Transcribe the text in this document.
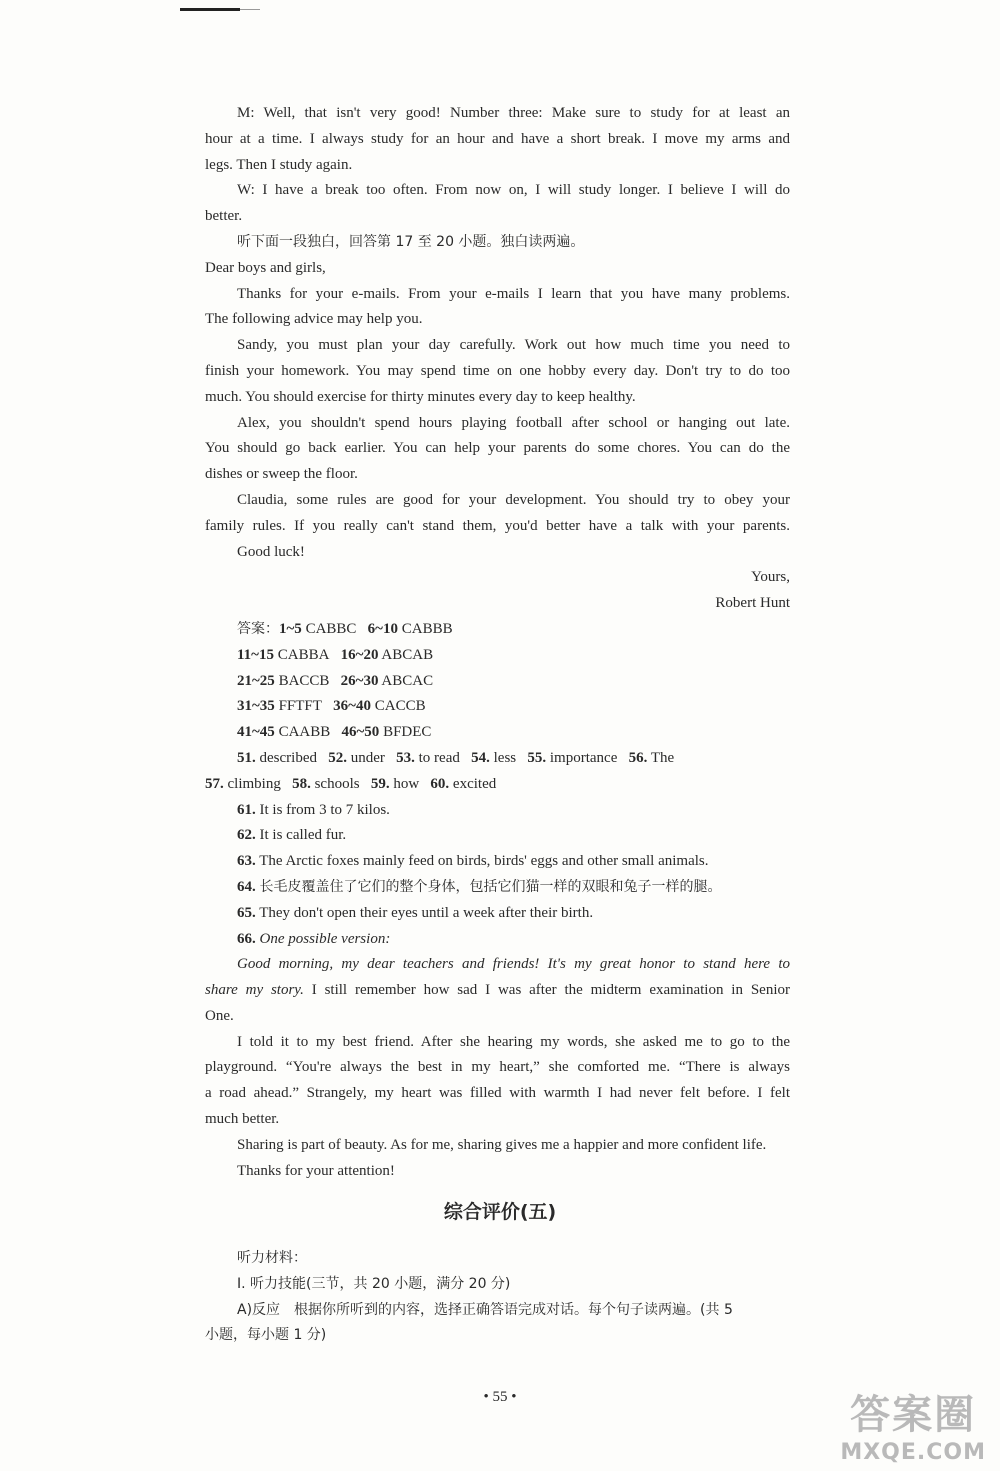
M: Well, that isn't very good! Number three: Make sure to study for at least an
hour at a time. I always study for an hour and have a short break. I move my arms and
legs. Then I study again.
W: I have a break too often. From now on, I will study longer. I believe I will do
better.
听下面一段独白，回答第 17 至 20 小题。独白读两遍。
Dear boys and girls,
Thanks for your e-mails. From your e-mails I learn that you have many problems.
The following advice may help you.
Sandy, you must plan your day carefully. Work out how much time you need to
finish your homework. You may spend time on one hobby every day. Don't try to do too
much. You should exercise for thirty minutes every day to keep healthy.
Alex, you shouldn't spend hours playing football after school or hanging out late.
You should go back earlier. You can help your parents do some chores. You can do the
dishes or sweep the floor.
Claudia, some rules are good for your development. You should try to obey your
family rules. If you really can't stand them, you'd better have a talk with your parents.
Good luck!
Yours,
Robert Hunt
答案：1~5 CABBC 6~10 CABBB
11~15 CABBA 16~20 ABCAB
21~25 BACCB 26~30 ABCAC
31~35 FFTFT 36~40 CACCB
41~45 CAABB 46~50 BFDEC
51. described 52. under 53. to read 54. less 55. importance 56. The
57. climbing 58. schools 59. how 60. excited
61. It is from 3 to 7 kilos.
62. It is called fur.
63. The Arctic foxes mainly feed on birds, birds' eggs and other small animals.
64. 长毛皮覆盖住了它们的整个身体，包括它们猫一样的双眼和兔子一样的腿。
65. They don't open their eyes until a week after their birth.
66. One possible version:
Good morning, my dear teachers and friends! It's my great honor to stand here to
share my story. I still remember how sad I was after the midterm examination in Senior
One.
I told it to my best friend. After she hearing my words, she asked me to go to the
playground. “You're always the best in my heart,” she comforted me. “There is always
a road ahead.” Strangely, my heart was filled with warmth I had never felt before. I felt
much better.
Sharing is part of beauty. As for me, sharing gives me a happier and more confident life.
Thanks for your attention!
综合评价(五)
听力材料：
Ⅰ. 听力技能(三节，共 20 小题，满分 20 分)
A)反应　根据你所听到的内容，选择正确答语完成对话。每个句子读两遍。(共 5
小题，每小题 1 分)
• 55 •	答案圈
MXQE.COM
